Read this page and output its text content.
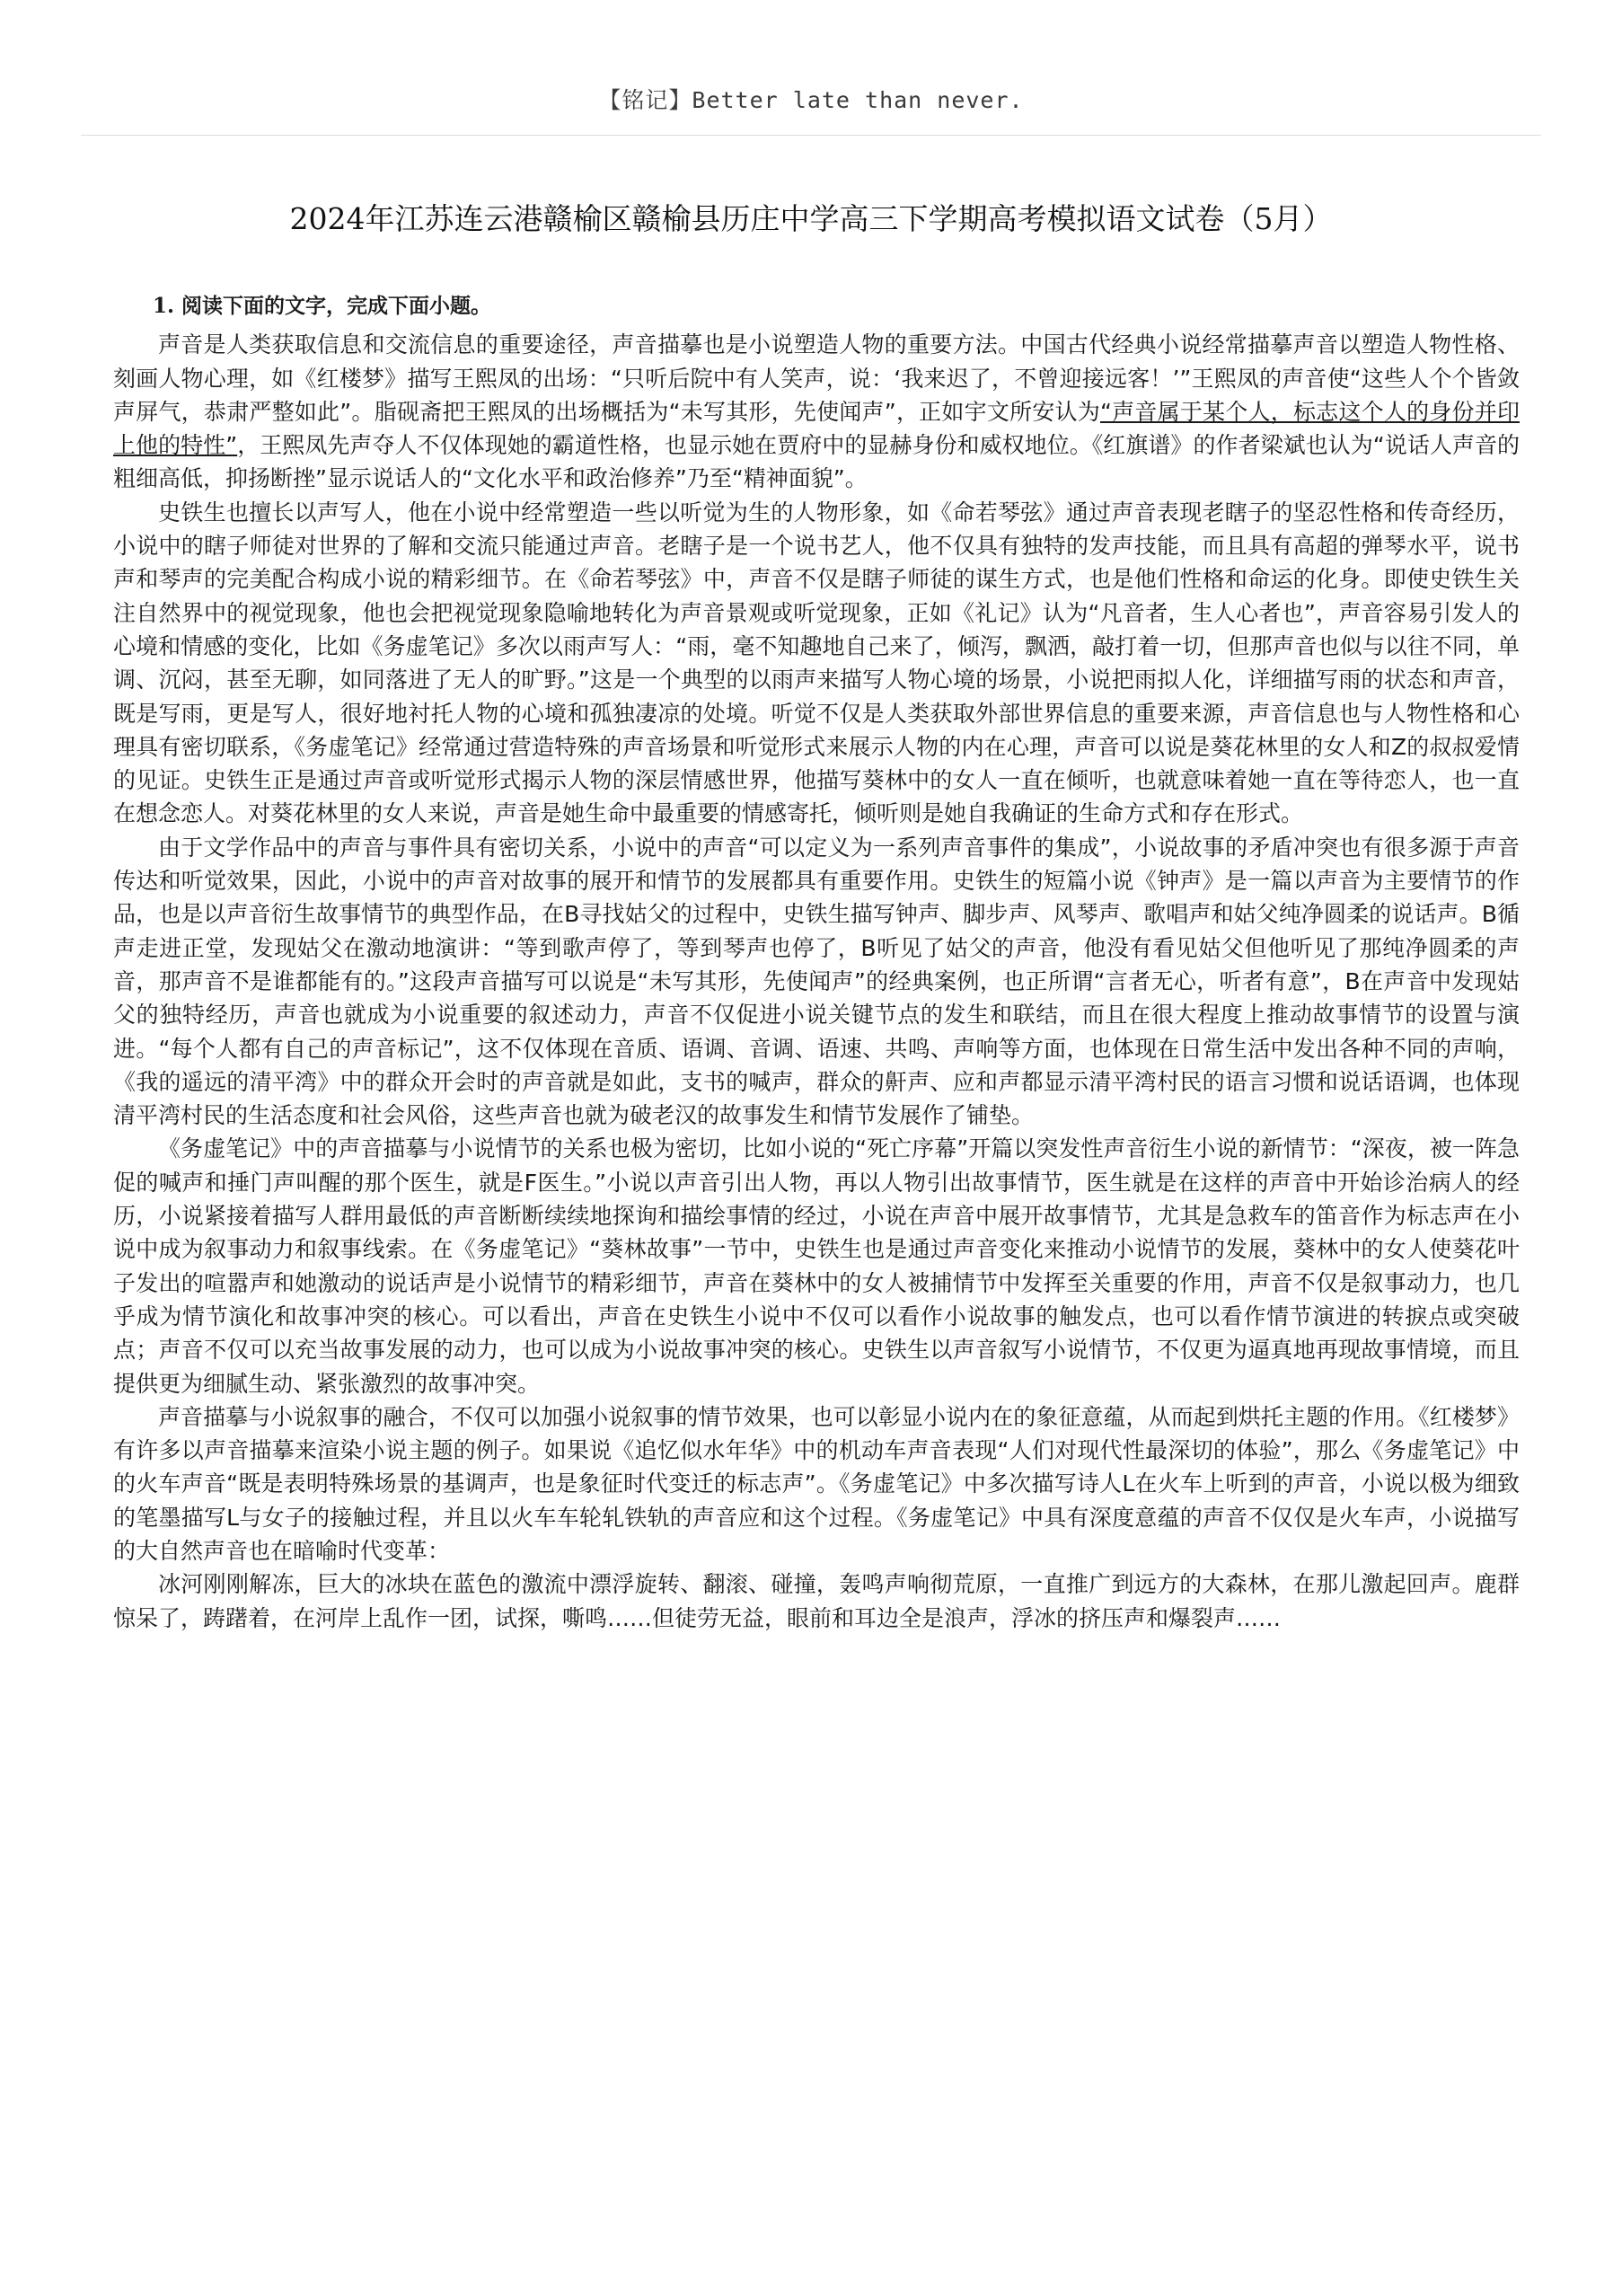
【铭记】Better late than never.
2024年江苏连云港赣榆区赣榆县历庄中学高三下学期高考模拟语文试卷（5月）

1. 阅读下面的文字，完成下面小题。

声音是人类获取信息和交流信息的重要途径，声音描摹也是小说塑造人物的重要方法。中国古代经典小说经常描摹声音以塑造人物性格、刻画人物心理，如《红楼梦》描写王熙凤的出场：“只听后院中有人笑声，说：‘我来迟了，不曾迎接远客！’”王熙凤的声音使“这些人个个皆敛声屏气，恭肃严整如此”。脂砚斋把王熙凤的出场概括为“未写其形，先使闻声”，正如宇文所安认为“声音属于某个人，标志这个人的身份并印上他的特性”，王熙凤先声夺人不仅体现她的霸道性格，也显示她在贾府中的显赫身份和威权地位。《红旗谱》的作者梁斌也认为“说话人声音的粗细高低，抑扬断挫”显示说话人的“文化水平和政治修养”乃至“精神面貌”。

史铁生也擅长以声写人，他在小说中经常塑造一些以听觉为生的人物形象，如《命若琴弦》通过声音表现老瞎子的坚忍性格和传奇经历，小说中的瞎子师徒对世界的了解和交流只能通过声音。老瞎子是一个说书艺人，他不仅具有独特的发声技能，而且具有高超的弹琴水平，说书声和琴声的完美配合构成小说的精彩细节。在《命若琴弦》中，声音不仅是瞎子师徒的谋生方式，也是他们性格和命运的化身。即使史铁生关注自然界中的视觉现象，他也会把视觉现象隐喻地转化为声音景观或听觉现象，正如《礼记》认为“凡音者，生人心者也”，声音容易引发人的心境和情感的变化，比如《务虚笔记》多次以雨声写人：“雨，毫不知趣地自己来了，倾泻，飘洒，敲打着一切，但那声音也似与以往不同，单调、沉闷，甚至无聊，如同落进了无人的旷野。”这是一个典型的以雨声来描写人物心境的场景，小说把雨拟人化，详细描写雨的状态和声音，既是写雨，更是写人，很好地衬托人物的心境和孤独凄凉的处境。听觉不仅是人类获取外部世界信息的重要来源，声音信息也与人物性格和心理具有密切联系，《务虚笔记》经常通过营造特殊的声音场景和听觉形式来展示人物的内在心理，声音可以说是葵花林里的女人和Z的叔叔爱情的见证。史铁生正是通过声音或听觉形式揭示人物的深层情感世界，他描写葵林中的女人一直在倾听，也就意味着她一直在等待恋人，也一直在想念恋人。对葵花林里的女人来说，声音是她生命中最重要的情感寄托，倾听则是她自我确证的生命方式和存在形式。

由于文学作品中的声音与事件具有密切关系，小说中的声音“可以定义为一系列声音事件的集成”，小说故事的矛盾冲突也有很多源于声音传达和听觉效果，因此，小说中的声音对故事的展开和情节的发展都具有重要作用。史铁生的短篇小说《钟声》是一篇以声音为主要情节的作品，也是以声音衍生故事情节的典型作品，在B寻找姑父的过程中，史铁生描写钟声、脚步声、风琴声、歌唱声和姑父纯净圆柔的说话声。B循声走进正堂，发现姑父在激动地演讲：“等到歌声停了，等到琴声也停了，B听见了姑父的声音，他没有看见姑父但他听见了那纯净圆柔的声音，那声音不是谁都能有的。”这段声音描写可以说是“未写其形，先使闻声”的经典案例，也正所谓“言者无心，听者有意”，B在声音中发现姑父的独特经历，声音也就成为小说重要的叙述动力，声音不仅促进小说关键节点的发生和联结，而且在很大程度上推动故事情节的设置与演进。“每个人都有自己的声音标记”，这不仅体现在音质、语调、音调、语速、共鸣、声响等方面，也体现在日常生活中发出各种不同的声响，《我的遥远的清平湾》中的群众开会时的声音就是如此，支书的喊声，群众的鼾声、应和声都显示清平湾村民的语言习惯和说话语调，也体现清平湾村民的生活态度和社会风俗，这些声音也就为破老汉的故事发生和情节发展作了铺垫。

《务虚笔记》中的声音描摹与小说情节的关系也极为密切，比如小说的“死亡序幕”开篇以突发性声音衍生小说的新情节：“深夜，被一阵急促的喊声和捶门声叫醒的那个医生，就是F医生。”小说以声音引出人物，再以人物引出故事情节，医生就是在这样的声音中开始诊治病人的经历，小说紧接着描写人群用最低的声音断断续续地探询和描绘事情的经过，小说在声音中展开故事情节，尤其是急救车的笛音作为标志声在小说中成为叙事动力和叙事线索。在《务虚笔记》“葵林故事”一节中，史铁生也是通过声音变化来推动小说情节的发展，葵林中的女人使葵花叶子发出的喧嚣声和她激动的说话声是小说情节的精彩细节，声音在葵林中的女人被捕情节中发挥至关重要的作用，声音不仅是叙事动力，也几乎成为情节演化和故事冲突的核心。可以看出，声音在史铁生小说中不仅可以看作小说故事的触发点，也可以看作情节演进的转捩点或突破点；声音不仅可以充当故事发展的动力，也可以成为小说故事冲突的核心。史铁生以声音叙写小说情节，不仅更为逼真地再现故事情境，而且提供更为细腻生动、紧张激烈的故事冲突。

声音描摹与小说叙事的融合，不仅可以加强小说叙事的情节效果，也可以彰显小说内在的象征意蕴，从而起到烘托主题的作用。《红楼梦》有许多以声音描摹来渲染小说主题的例子。如果说《追忆似水年华》中的机动车声音表现“人们对现代性最深切的体验”，那么《务虚笔记》中的火车声音“既是表明特殊场景的基调声，也是象征时代变迁的标志声”。《务虚笔记》中多次描写诗人L在火车上听到的声音，小说以极为细致的笔墨描写L与女子的接触过程，并且以火车车轮轧铁轨的声音应和这个过程。《务虚笔记》中具有深度意蕴的声音不仅仅是火车声，小说描写的大自然声音也在暗喻时代变革：

冰河刚刚解冻，巨大的冰块在蓝色的激流中漂浮旋转、翻滚、碰撞，轰鸣声响彻荒原，一直推广到远方的大森林，在那儿激起回声。鹿群惊呆了，踌躇着，在河岸上乱作一团，试探，嘶鸣……但徒劳无益，眼前和耳边全是浪声，浮冰的挤压声和爆裂声……
